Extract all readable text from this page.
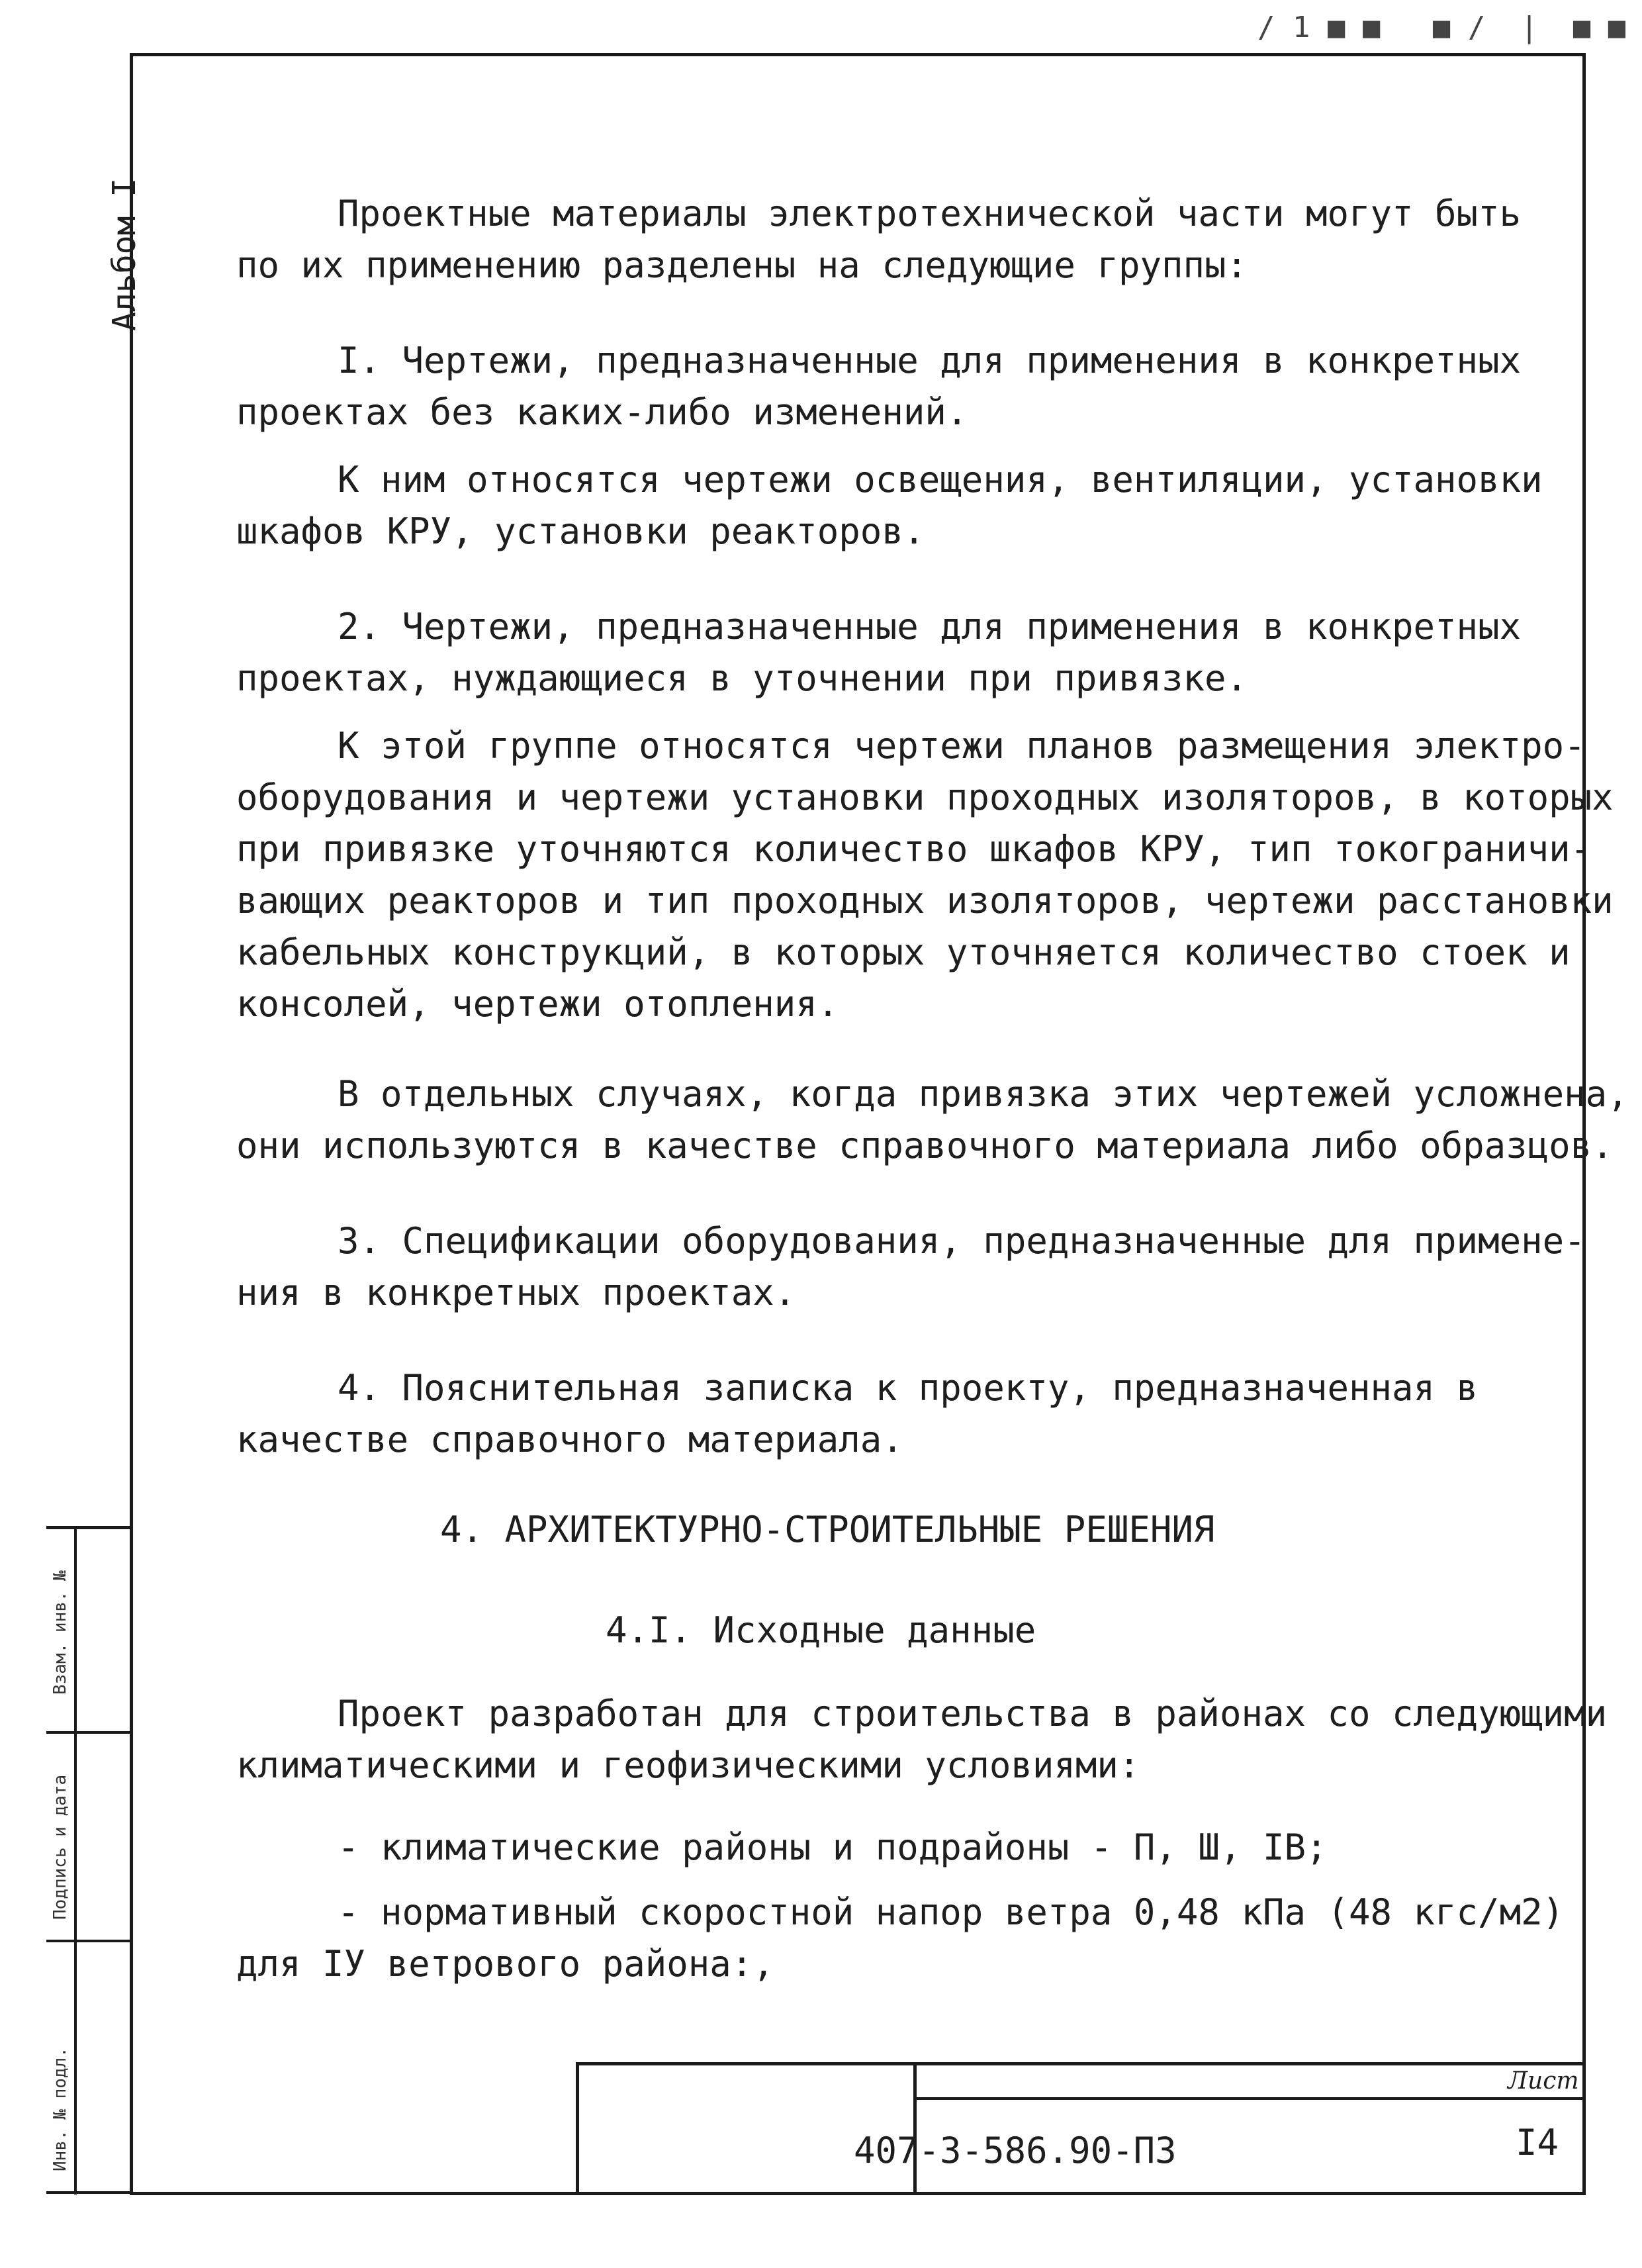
/ 1 ■ ■   ■ /  |  ■ ■
Альбом I
Взам. инв. №
Подпись и дата
Инв. № подл.
Проектные материалы электротехнической части могут быть
по их применению разделены на следующие группы:
I. Чертежи, предназначенные для применения в конкретных
проектах без каких-либо изменений.
К ним относятся чертежи освещения, вентиляции, установки
шкафов КРУ, установки реакторов.
2. Чертежи, предназначенные для применения в конкретных
проектах, нуждающиеся в уточнении при привязке.
К этой группе относятся чертежи планов размещения электро-
оборудования и чертежи установки проходных изоляторов, в которых
при привязке уточняются количество шкафов КРУ, тип токограничи-
вающих реакторов и тип проходных изоляторов, чертежи расстановки
кабельных конструкций, в которых уточняется количество стоек и
консолей, чертежи отопления.
В отдельных случаях, когда привязка этих чертежей усложнена,
они используются в качестве справочного материала либо образцов.
3. Спецификации оборудования, предназначенные для примене-
ния в конкретных проектах.
4. Пояснительная записка к проекту, предназначенная в
качестве справочного материала.
4. АРХИТЕКТУРНО-СТРОИТЕЛЬНЫЕ РЕШЕНИЯ
4.I. Исходные данные
Проект разработан для строительства в районах со следующими
климатическими и геофизическими условиями:
- климатические районы и подрайоны - П, Ш, IВ;
- нормативный скоростной напор ветра 0,48 кПа (48 кгс/м2)
для IУ ветрового района:,
407-3-586.90-ПЗ
Лист
I4
